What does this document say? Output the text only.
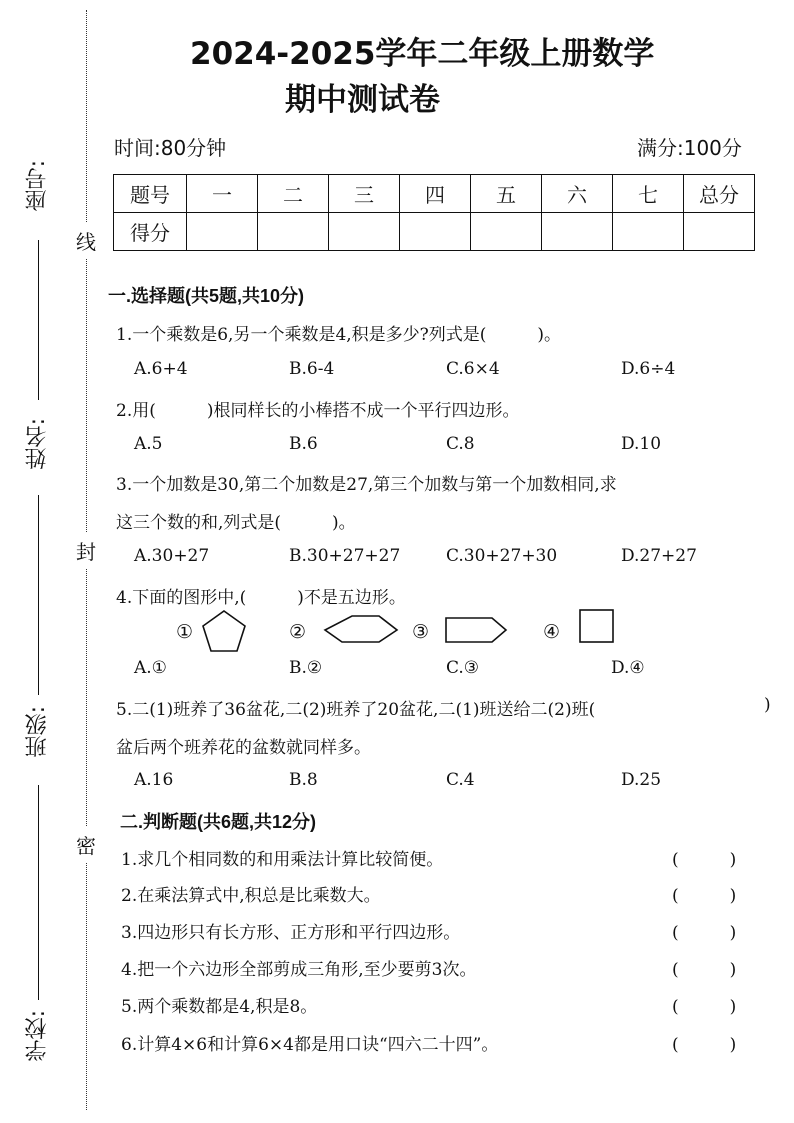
座号:
姓名:
班级:
学校:
线
封
密
2024-2025学年二年级上册数学
期中测试卷
时间:80分钟	满分:100分
题号	一	二	三	四	五	六	七	总分
得分								
一.选择题(共5题,共10分)
1.一个乘数是6,另一个乘数是4,积是多少?列式是(　　　)。
A.6+4	B.6-4	C.6×4	D.6÷4
2.用(　　　)根同样长的小棒搭不成一个平行四边形。
A.5	B.6	C.8	D.10
3.一个加数是30,第二个加数是27,第三个加数与第一个加数相同,求
这三个数的和,列式是(　　　)。
A.30+27	B.30+27+27	C.30+27+30	D.27+27
4.下面的图形中,(　　　)不是五边形。
①	②	③	④
A.①	B.②	C.③	D.④
5.二(1)班养了36盆花,二(2)班养了20盆花,二(1)班送给二(2)班(	)
盆后两个班养花的盆数就同样多。
A.16	B.8	C.4	D.25
二.判断题(共6题,共12分)
1.求几个相同数的和用乘法计算比较简便。	(　　　)
2.在乘法算式中,积总是比乘数大。	(　　　)
3.四边形只有长方形、正方形和平行四边形。	(　　　)
4.把一个六边形全部剪成三角形,至少要剪3次。	(　　　)
5.两个乘数都是4,积是8。	(　　　)
6.计算4×6和计算6×4都是用口诀“四六二十四”。	(　　　)
